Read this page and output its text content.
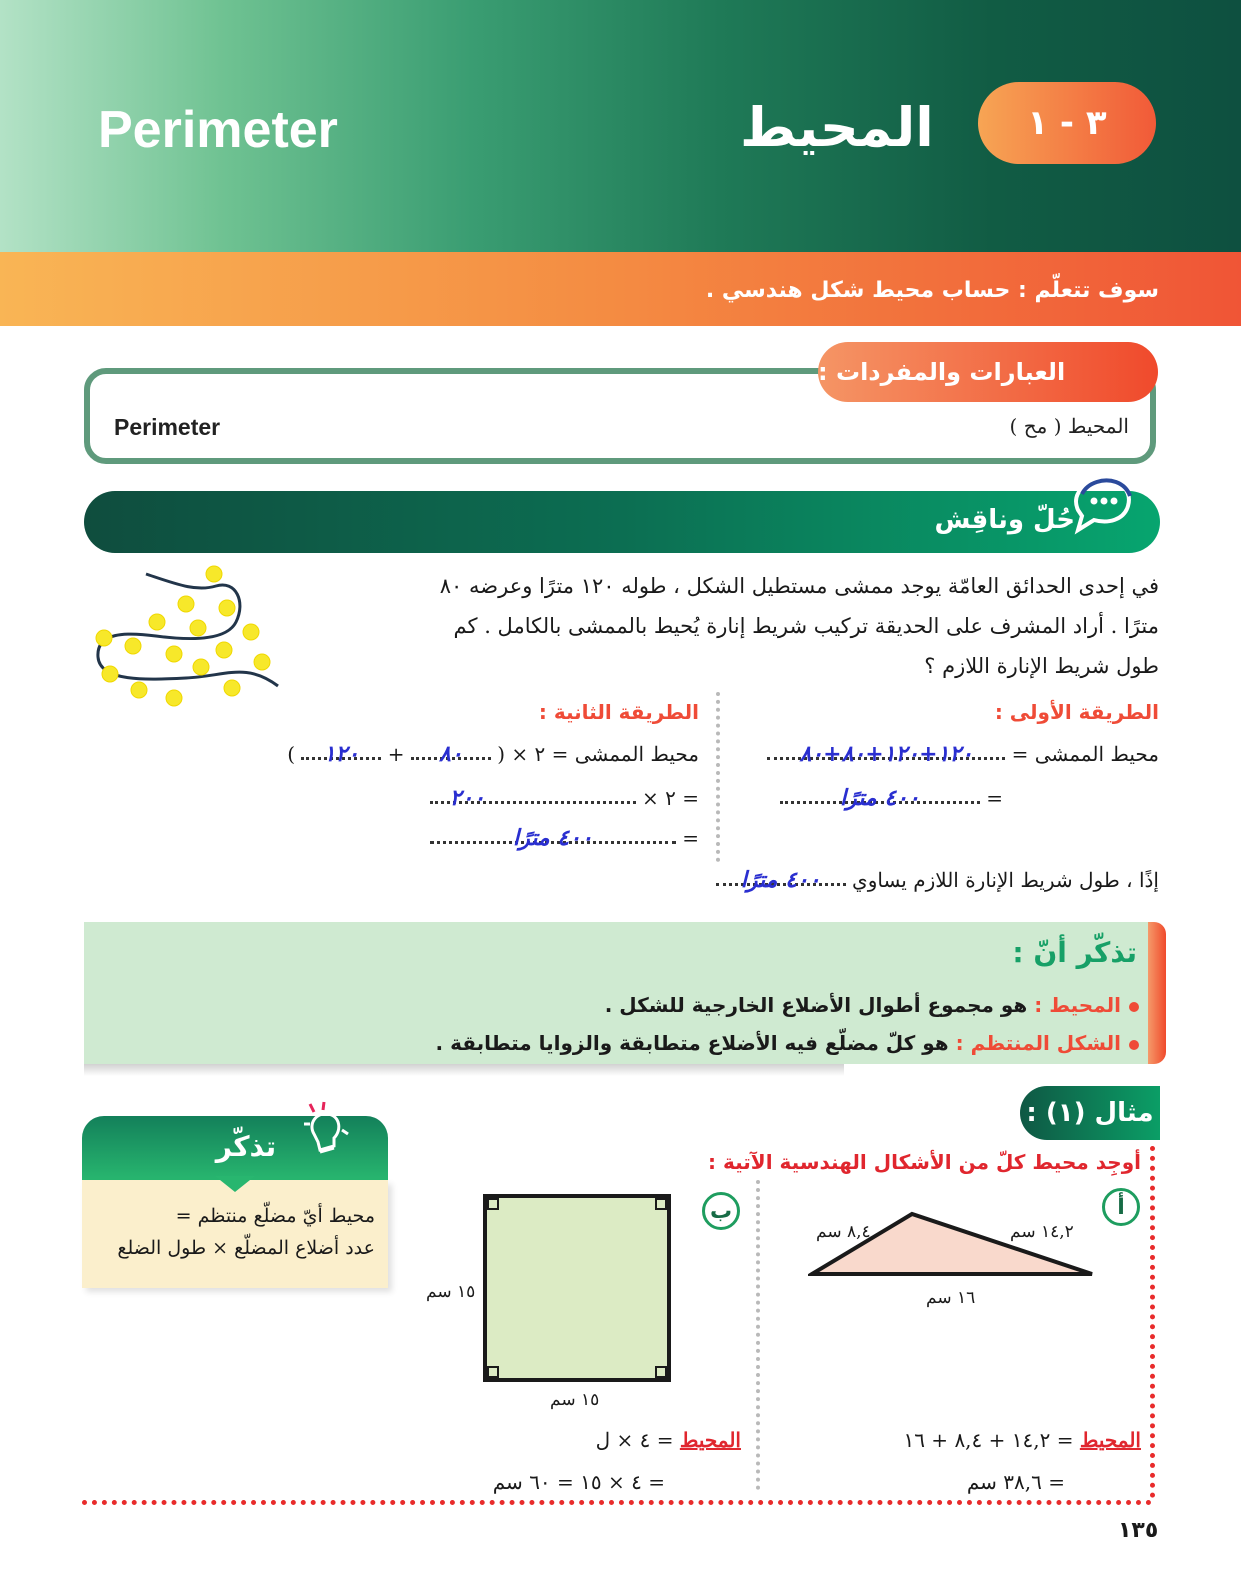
Perimeter	المحيط	٣ - ١
سوف تتعلّم : حساب محيط شكل هندسي .
العبارات والمفردات :
Perimeter	المحيط ( مح )
حُلّ وناقِش
في إحدى الحدائق العامّة يوجد ممشى مستطيل الشكل ، طوله ١٢٠ مترًا وعرضه ٨٠ مترًا . أراد المشرف على الحديقة تركيب شريط إنارة يُحيط بالممشى بالكامل . كم طول شريط الإنارة اللازم ؟
الطريقة الأولى :
محيط الممشى = ١٢٠+١٢٠+٨٠+٨٠
= ٤٠٠ مترًا
الطريقة الثانية :
محيط الممشى = ٢ × ( ٨٠ + ١٢٠ )
= ٢ × ٢٠٠
= ٤٠٠ مترًا
إذًا ، طول شريط الإنارة اللازم يساوي ٤٠٠ مترًا
تذكّر أنّ :
المحيط : هو مجموع أطوال الأضلاع الخارجية للشكل .
الشكل المنتظم : هو كلّ مضلّع فيه الأضلاع متطابقة والزوايا متطابقة .
تذكّر
محيط أيّ مضلّع منتظم =
عدد أضلاع المضلّع × طول الضلع
مثال (١) :
أوجِد محيط كلّ من الأشكال الهندسية الآتية :
أ
٨,٤ سم	١٤,٢ سم
١٦ سم
المحيط = ١٤,٢ + ٨,٤ + ١٦
= ٣٨,٦ سم
ب
١٥ سم
١٥ سم
المحيط = ٤ × ل
= ٤ × ١٥ = ٦٠ سم
١٣٥
